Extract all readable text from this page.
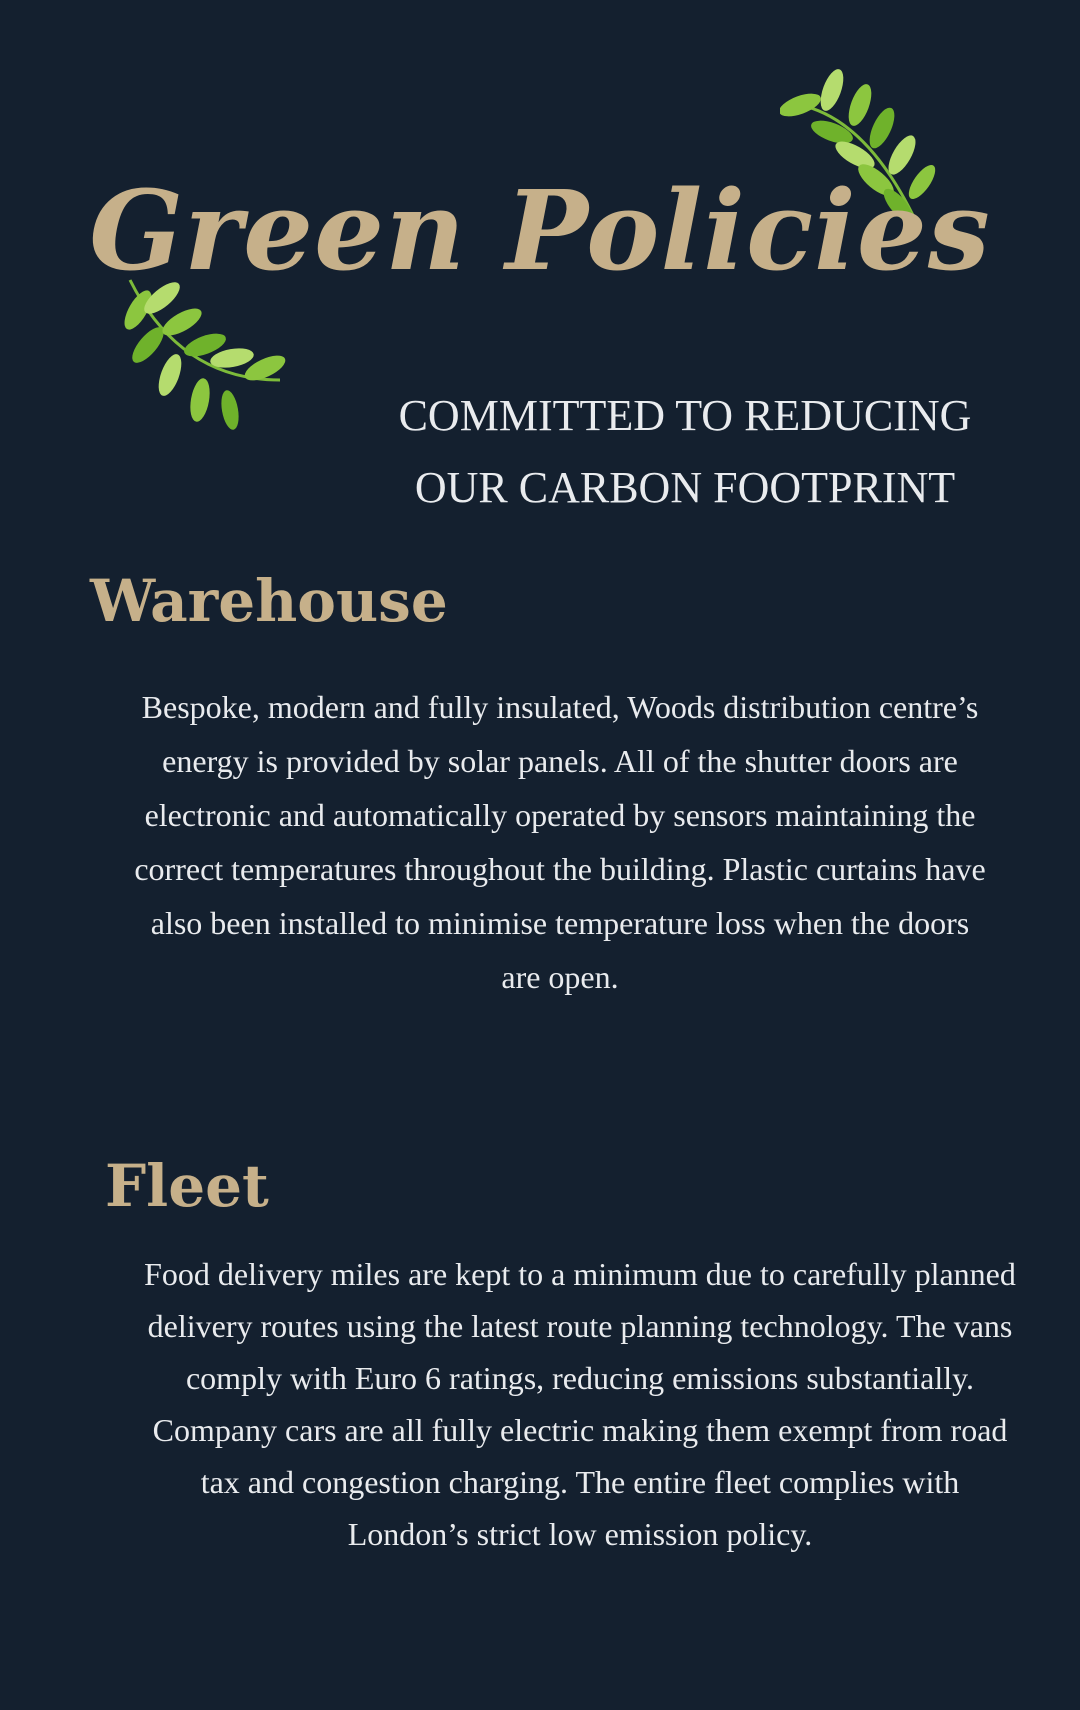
Green Policies
COMMITTED TO REDUCING
OUR CARBON FOOTPRINT
Warehouse

Bespoke, modern and fully insulated, Woods distribution centre’s energy is provided by solar panels. All of the shutter doors are electronic and automatically operated by sensors maintaining the correct temperatures throughout the building. Plastic curtains have also been installed to minimise temperature loss when the doors are open.

Fleet

Food delivery miles are kept to a minimum due to carefully planned delivery routes using the latest route planning technology. The vans comply with Euro 6 ratings, reducing emissions substantially. Company cars are all fully electric making them exempt from road tax and congestion charging. The entire fleet complies with London’s strict low emission policy.
